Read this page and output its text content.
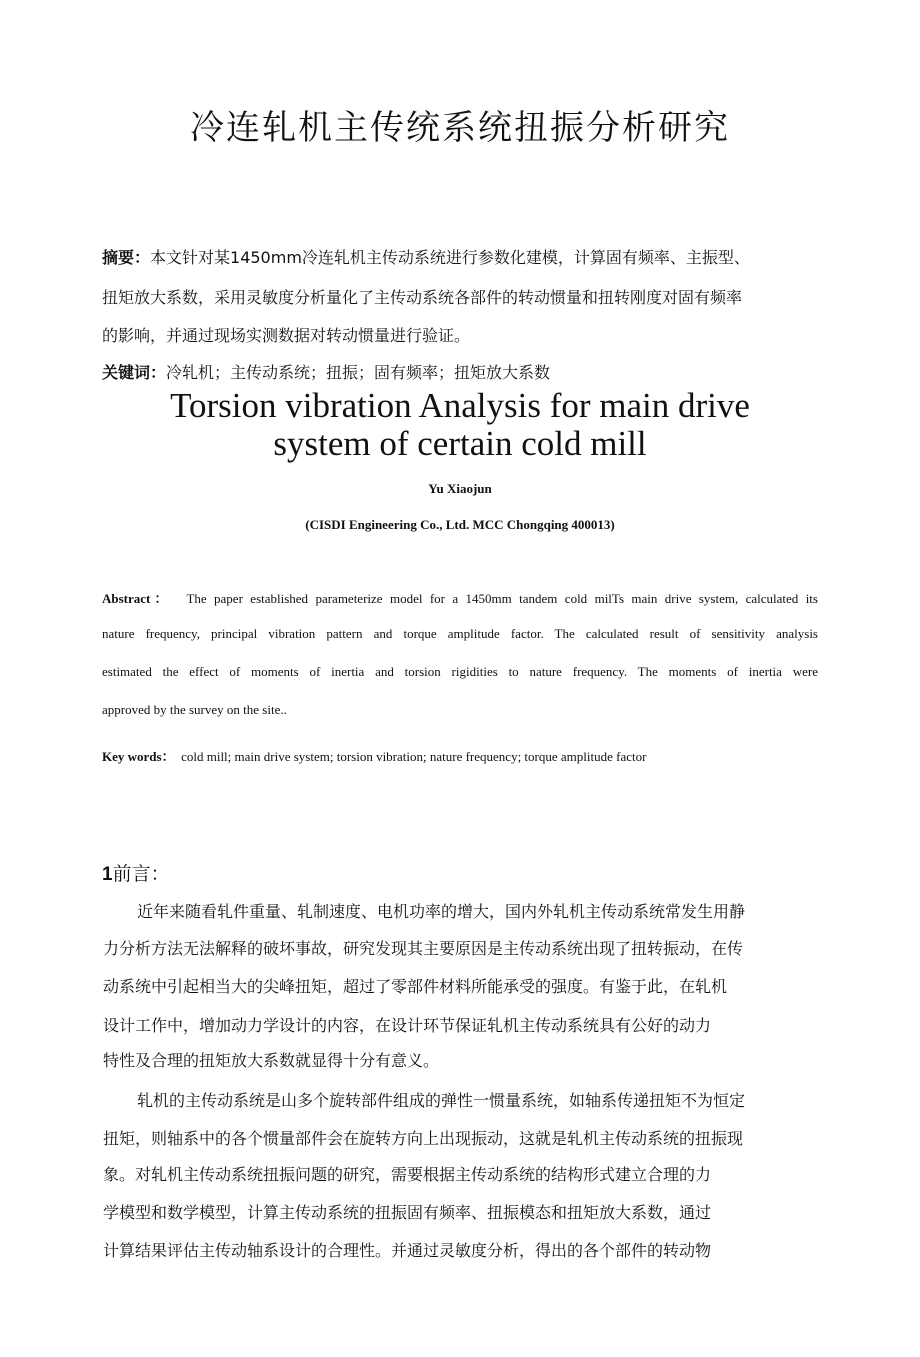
冷连轧机主传统系统扭振分析研究
摘要：本文针对某1450mm冷连轧机主传动系统进行参数化建模，计算固有频率、主振型、
扭矩放大系数，采用灵敏度分析量化了主传动系统各部件的转动惯量和扭转刚度对固有频率
的影响，并通过现场实测数据对转动惯量进行验证。
关键词：冷轧机；主传动系统；扭振；固有频率；扭矩放大系数
Torsion vibration Analysis for main drive
system of certain cold mill
Yu Xiaojun
(CISDI Engineering Co., Ltd. MCC Chongqing 400013)
Abstract： The paper established parameterize model for a 1450mm tandem cold milTs main drive system, calculated its
nature frequency, principal vibration pattern and torque amplitude factor. The calculated result of sensitivity analysis
estimated the effect of moments of inertia and torsion rigidities to nature frequency. The moments of inertia were
approved by the survey on the site..
Key words： cold mill; main drive system; torsion vibration; nature frequency; torque amplitude factor
1前言：
近年来随看轧件重量、轧制速度、电机功率的增大，国内外轧机主传动系统常发生用静
力分析方法无法解释的破坏事故，研究发现其主要原因是主传动系统出现了扭转振动，在传
动系统中引起相当大的尖峰扭矩，超过了零部件材料所能承受的强度。有鉴于此，在轧机
设计工作中，增加动力学设计的内容，在设计环节保证轧机主传动系统具有公好的动力
特性及合理的扭矩放大系数就显得十分有意义。
轧机的主传动系统是山多个旋转部件组成的弹性一惯量系统，如轴系传递扭矩不为恒定
扭矩，则轴系中的各个惯量部件会在旋转方向上出现振动，这就是轧机主传动系统的扭振现
象。对轧机主传动系统扭振问题的研究，需要根据主传动系统的结构形式建立合理的力
学模型和数学模型，计算主传动系统的扭振固有频率、扭振模态和扭矩放大系数，通过
计算结果评估主传动轴系设计的合理性。并通过灵敏度分析，得出的各个部件的转动物
